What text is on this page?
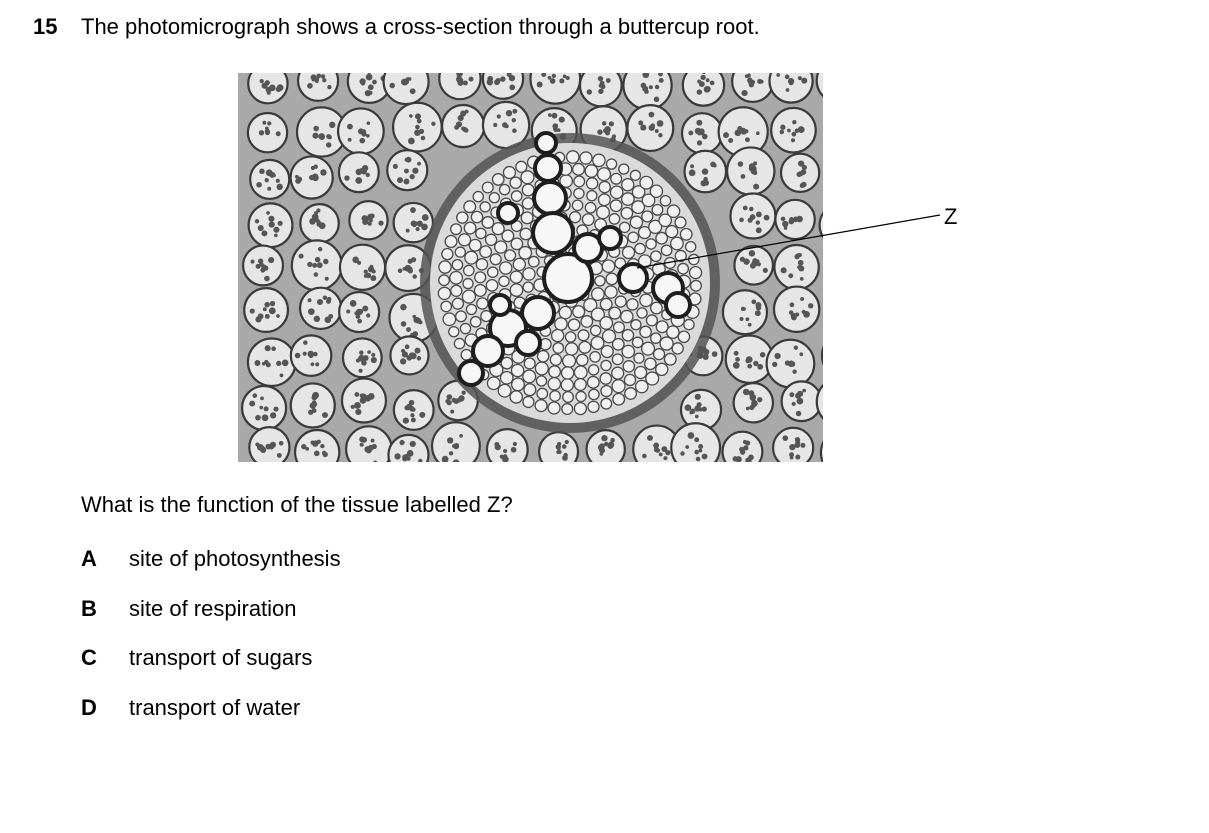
15 The photomicrograph shows a cross-section through a buttercup root.
Z
What is the function of the tissue labelled Z?
A site of photosynthesis
B site of respiration
C transport of sugars
D transport of water
